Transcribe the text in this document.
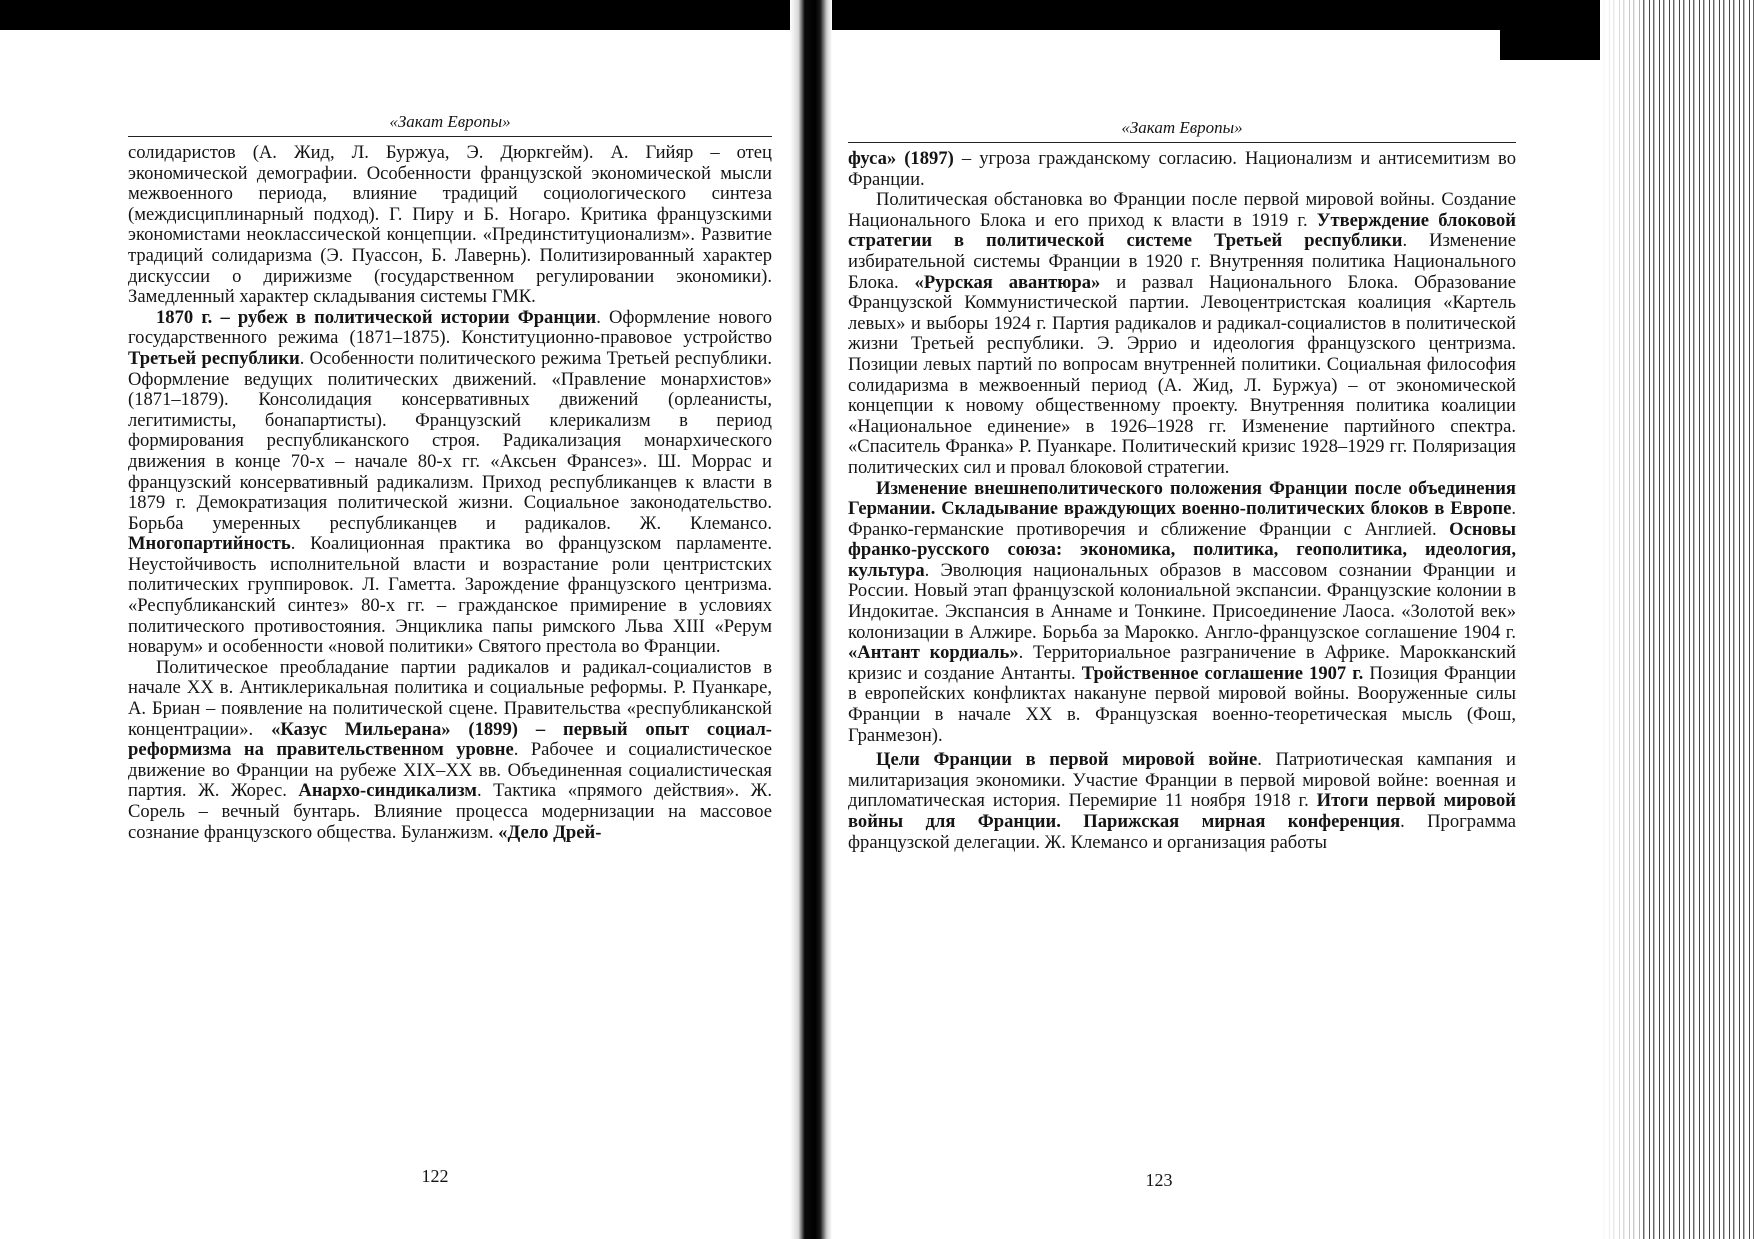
«Закат Европы»

солидаристов (А. Жид, Л. Буржуа, Э. Дюркгейм). А. Гийяр – отец экономической демографии. Особенности французской экономической мысли межвоенного периода, влияние традиций социологического синтеза (междисциплинарный подход). Г. Пиру и Б. Ногаро. Критика французскими экономистами неоклассической концепции. «Прединституционализм». Развитие традиций солидаризма (Э. Пуассон, Б. Лавернь). Политизированный характер дискуссии о дирижизме (государственном регулировании экономики). Замедленный характер складывания системы ГМК.

1870 г. – рубеж в политической истории Франции. Оформление нового государственного режима (1871–1875). Конституционно-правовое устройство Третьей республики. Особенности политического режима Третьей республики. Оформление ведущих политических движений. «Правление монархистов» (1871–1879). Консолидация консервативных движений (орлеанисты, легитимисты, бонапартисты). Французский клерикализм в период формирования республиканского строя. Радикализация монархического движения в конце 70-х – начале 80-х гг. «Аксьен Франсез». Ш. Моррас и французский консервативный радикализм. Приход республиканцев к власти в 1879 г. Демократизация политической жизни. Социальное законодательство. Борьба умеренных республиканцев и радикалов. Ж. Клемансо. Многопартийность. Коалиционная практика во французском парламенте. Неустойчивость исполнительной власти и возрастание роли центристских политических группировок. Л. Гаметта. Зарождение французского центризма. «Республиканский синтез» 80-х гг. – гражданское примирение в условиях политического противостояния. Энциклика папы римского Льва XIII «Рерум новарум» и особенности «новой политики» Святого престола во Франции.

Политическое преобладание партии радикалов и радикал-социалистов в начале XX в. Антиклерикальная политика и социальные реформы. Р. Пуанкаре, А. Бриан – появление на политической сцене. Правительства «республиканской концентрации». «Казус Мильерана» (1899) – первый опыт социал-реформизма на правительственном уровне. Рабочее и социалистическое движение во Франции на рубеже XIX–XX вв. Объединенная социалистическая партия. Ж. Жорес. Анархо-синдикализм. Тактика «прямого действия». Ж. Сорель – вечный бунтарь. Влияние процесса модернизации на массовое сознание французского общества. Буланжизм. «Дело Дрей-

122
«Закат Европы»

фуса» (1897) – угроза гражданскому согласию. Национализм и антисемитизм во Франции.

Политическая обстановка во Франции после первой мировой войны. Создание Национального Блока и его приход к власти в 1919 г. Утверждение блоковой стратегии в политической системе Третьей республики. Изменение избирательной системы Франции в 1920 г. Внутренняя политика Национального Блока. «Рурская авантюра» и развал Национального Блока. Образование Французской Коммунистической партии. Левоцентристская коалиция «Картель левых» и выборы 1924 г. Партия радикалов и радикал-социалистов в политической жизни Третьей республики. Э. Эррио и идеология французского центризма. Позиции левых партий по вопросам внутренней политики. Социальная философия солидаризма в межвоенный период (А. Жид, Л. Буржуа) – от экономической концепции к новому общественному проекту. Внутренняя политика коалиции «Национальное единение» в 1926–1928 гг. Изменение партийного спектра. «Спаситель Франка» Р. Пуанкаре. Политический кризис 1928–1929 гг. Поляризация политических сил и провал блоковой стратегии.

Изменение внешнеполитического положения Франции после объединения Германии. Складывание враждующих военно-политических блоков в Европе. Франко-германские противоречия и сближение Франции с Англией. Основы франко-русского союза: экономика, политика, геополитика, идеология, культура. Эволюция национальных образов в массовом сознании Франции и России. Новый этап французской колониальной экспансии. Французские колонии в Индокитае. Экспансия в Аннаме и Тонкине. Присоединение Лаоса. «Золотой век» колонизации в Алжире. Борьба за Марокко. Англо-французское соглашение 1904 г. «Антант кордиаль». Территориальное разграничение в Африке. Марокканский кризис и создание Антанты. Тройственное соглашение 1907 г. Позиция Франции в европейских конфликтах накануне первой мировой войны. Вооруженные силы Франции в начале XX в. Французская военно-теоретическая мысль (Фош, Гранмезон).

Цели Франции в первой мировой войне. Патриотическая кампания и милитаризация экономики. Участие Франции в первой мировой войне: военная и дипломатическая история. Перемирие 11 ноября 1918 г. Итоги первой мировой войны для Франции. Парижская мирная конференция. Программа французской делегации. Ж. Клемансо и организация работы

123
